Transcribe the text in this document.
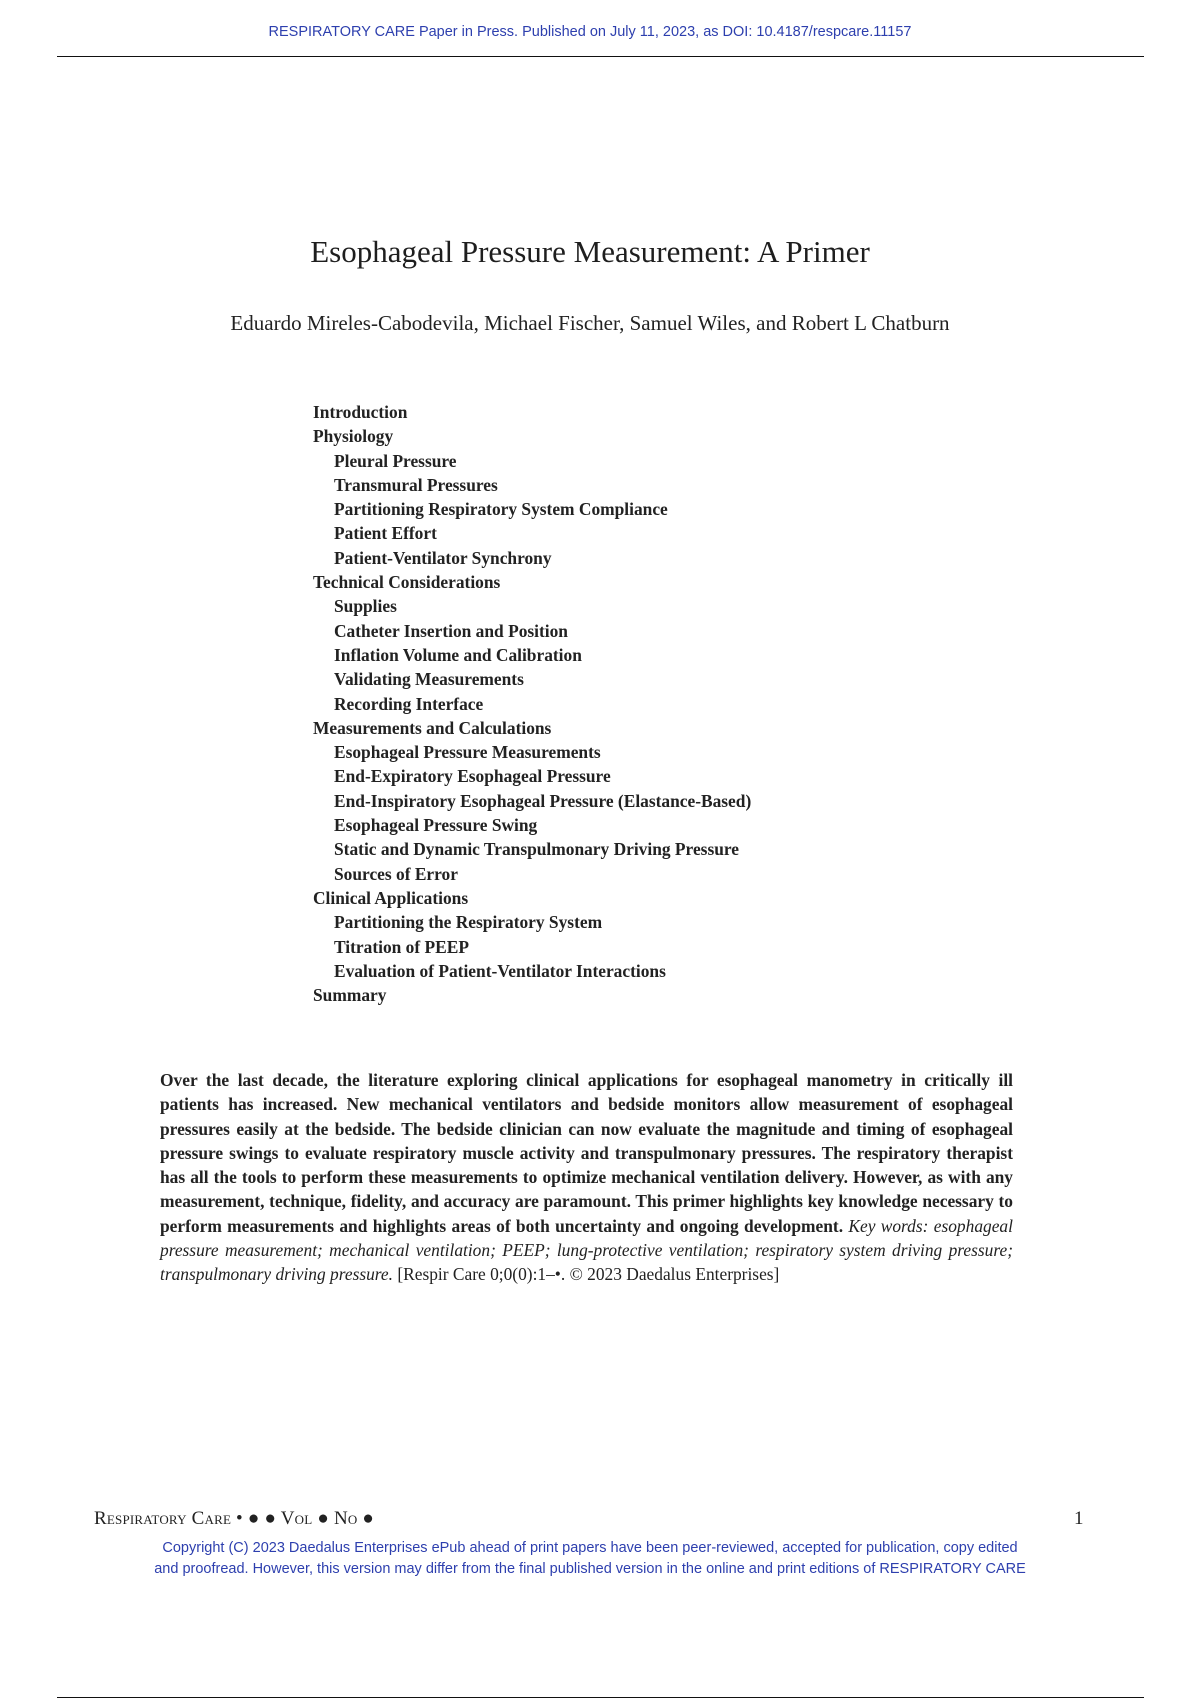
RESPIRATORY CARE Paper in Press. Published on July 11, 2023, as DOI: 10.4187/respcare.11157
Esophageal Pressure Measurement: A Primer
Eduardo Mireles-Cabodevila, Michael Fischer, Samuel Wiles, and Robert L Chatburn
Introduction
Physiology
Pleural Pressure
Transmural Pressures
Partitioning Respiratory System Compliance
Patient Effort
Patient-Ventilator Synchrony
Technical Considerations
Supplies
Catheter Insertion and Position
Inflation Volume and Calibration
Validating Measurements
Recording Interface
Measurements and Calculations
Esophageal Pressure Measurements
End-Expiratory Esophageal Pressure
End-Inspiratory Esophageal Pressure (Elastance-Based)
Esophageal Pressure Swing
Static and Dynamic Transpulmonary Driving Pressure
Sources of Error
Clinical Applications
Partitioning the Respiratory System
Titration of PEEP
Evaluation of Patient-Ventilator Interactions
Summary

Over the last decade, the literature exploring clinical applications for esophageal manometry in critically ill patients has increased. New mechanical ventilators and bedside monitors allow measurement of esophageal pressures easily at the bedside. The bedside clinician can now evaluate the magnitude and timing of esophageal pressure swings to evaluate respiratory muscle activity and transpulmonary pressures. The respiratory therapist has all the tools to perform these measurements to optimize mechanical ventilation delivery. However, as with any measurement, technique, fidelity, and accuracy are paramount. This primer highlights key knowledge necessary to perform measurements and highlights areas of both uncertainty and ongoing development. Key words: esophageal pressure measurement; mechanical ventilation; PEEP; lung-protective ventilation; respiratory system driving pressure; transpulmonary driving pressure. [Respir Care 0;0(0):1–•. © 2023 Daedalus Enterprises]

Respiratory Care • ● ● Vol ● No ●	1
Copyright (C) 2023 Daedalus Enterprises ePub ahead of print papers have been peer-reviewed, accepted for publication, copy edited
and proofread. However, this version may differ from the final published version in the online and print editions of RESPIRATORY CARE
